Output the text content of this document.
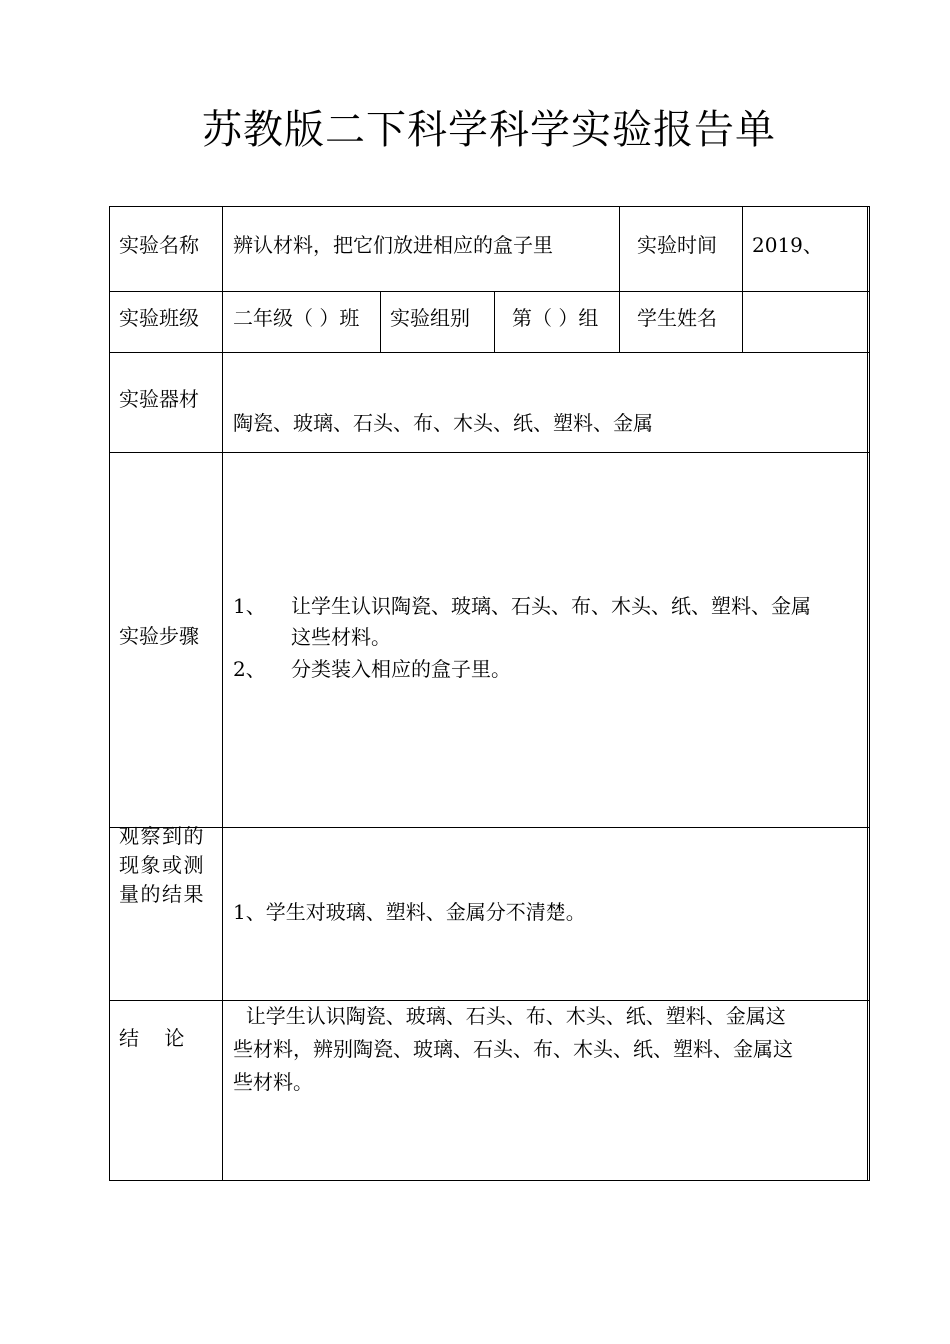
苏教版二下科学科学实验报告单
实验名称 辨认材料，把它们放进相应的盒子里	实验时间 2019、
实验班级 二年级（ ）班 实验组别 第（ ）组 学生姓名
实验器材
陶瓷、玻璃、石头、布、木头、纸、塑料、金属
实验步骤
1、 让学生认识陶瓷、玻璃、石头、布、木头、纸、塑料、金属
这些材料。
2、 分类装入相应的盒子里。
观察到的
现象或测
量的结果
1、学生对玻璃、塑料、金属分不清楚。
结    论
让学生认识陶瓷、玻璃、石头、布、木头、纸、塑料、金属这
些材料，辨别陶瓷、玻璃、石头、布、木头、纸、塑料、金属这
些材料。
